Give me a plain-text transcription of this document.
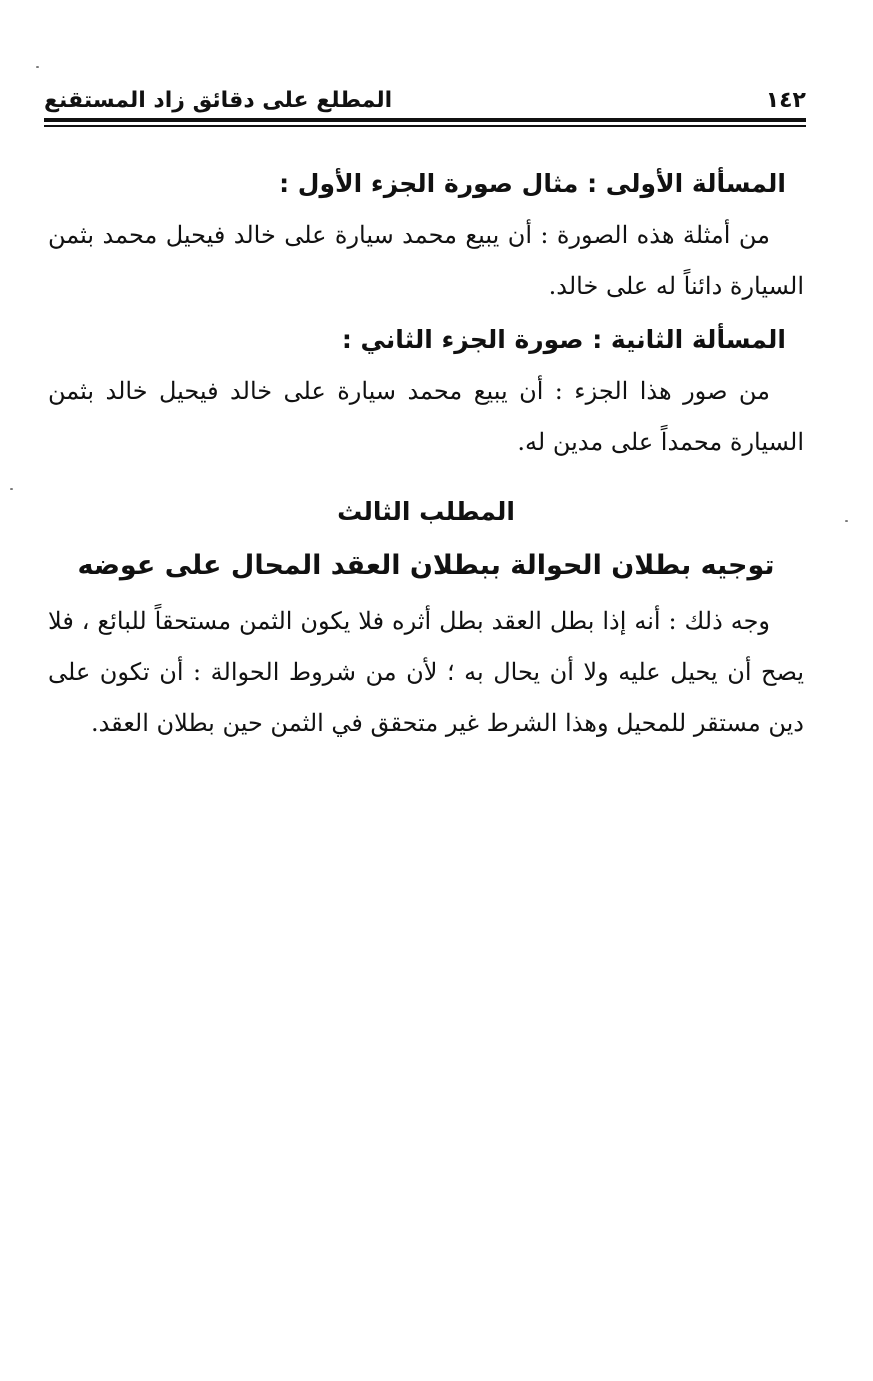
١٤٢
المطلع على دقائق زاد المستقنع
المسألة الأولى : مثال صورة الجزء الأول :

من أمثلة هذه الصورة : أن يبيع محمد سيارة على خالد فيحيل محمد بثمن السيارة دائناً له على خالد.

المسألة الثانية : صورة الجزء الثاني :

من صور هذا الجزء : أن يبيع محمد سيارة على خالد فيحيل خالد بثمن السيارة محمداً على مدين له.

المطلب الثالث
توجيه بطلان الحوالة ببطلان العقد المحال على عوضه

وجه ذلك : أنه إذا بطل العقد بطل أثره فلا يكون الثمن مستحقاً للبائع ، فلا يصح أن يحيل عليه ولا أن يحال به ؛ لأن من شروط الحوالة : أن تكون على دين مستقر للمحيل وهذا الشرط غير متحقق في الثمن حين بطلان العقد.
